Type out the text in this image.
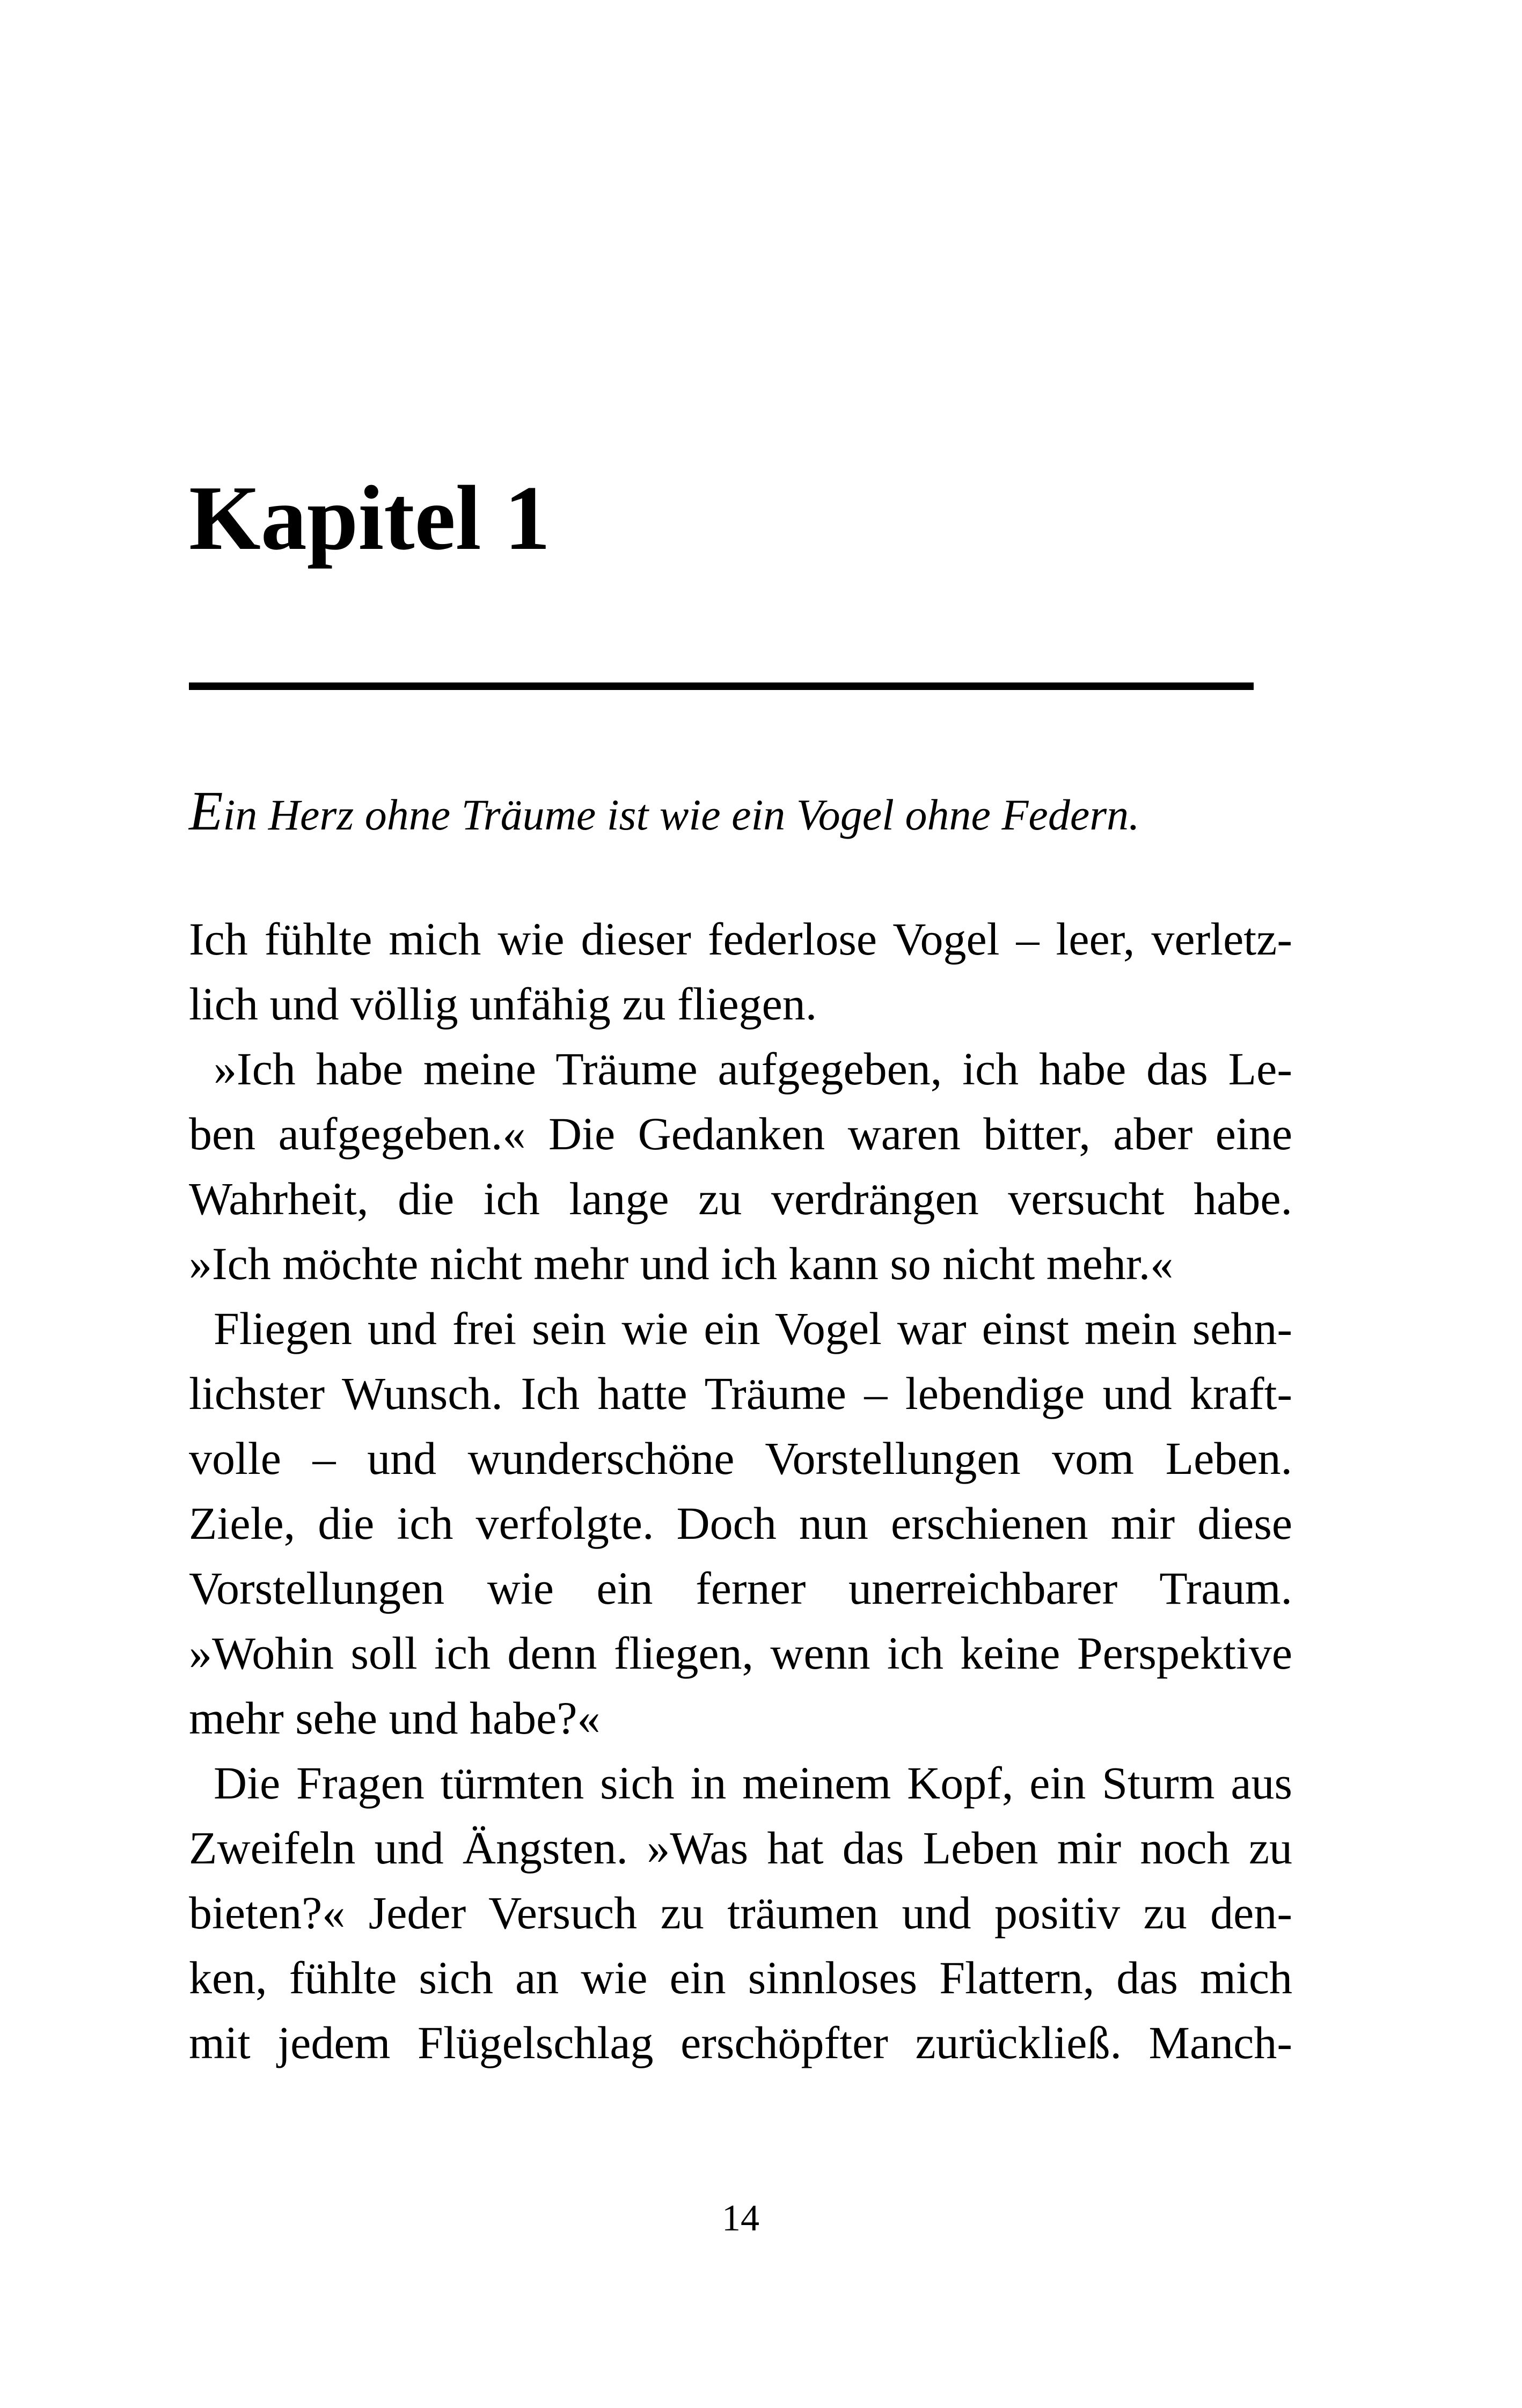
Kapitel 1

Ein Herz ohne Träume ist wie ein Vogel ohne Federn.

Ich fühlte mich wie dieser federlose Vogel – leer, verletz-
lich und völlig unfähig zu fliegen.
»Ich habe meine Träume aufgegeben, ich habe das Le-
ben aufgegeben.« Die Gedanken waren bitter, aber eine
Wahrheit, die ich lange zu verdrängen versucht habe.
»Ich möchte nicht mehr und ich kann so nicht mehr.«
Fliegen und frei sein wie ein Vogel war einst mein sehn-
lichster Wunsch. Ich hatte Träume – lebendige und kraft-
volle – und wunderschöne Vorstellungen vom Leben.
Ziele, die ich verfolgte. Doch nun erschienen mir diese
Vorstellungen wie ein ferner unerreichbarer Traum.
»Wohin soll ich denn fliegen, wenn ich keine Perspektive
mehr sehe und habe?«
Die Fragen türmten sich in meinem Kopf, ein Sturm aus
Zweifeln und Ängsten. »Was hat das Leben mir noch zu
bieten?« Jeder Versuch zu träumen und positiv zu den-
ken, fühlte sich an wie ein sinnloses Flattern, das mich
mit jedem Flügelschlag erschöpfter zurückließ. Manch-
14
